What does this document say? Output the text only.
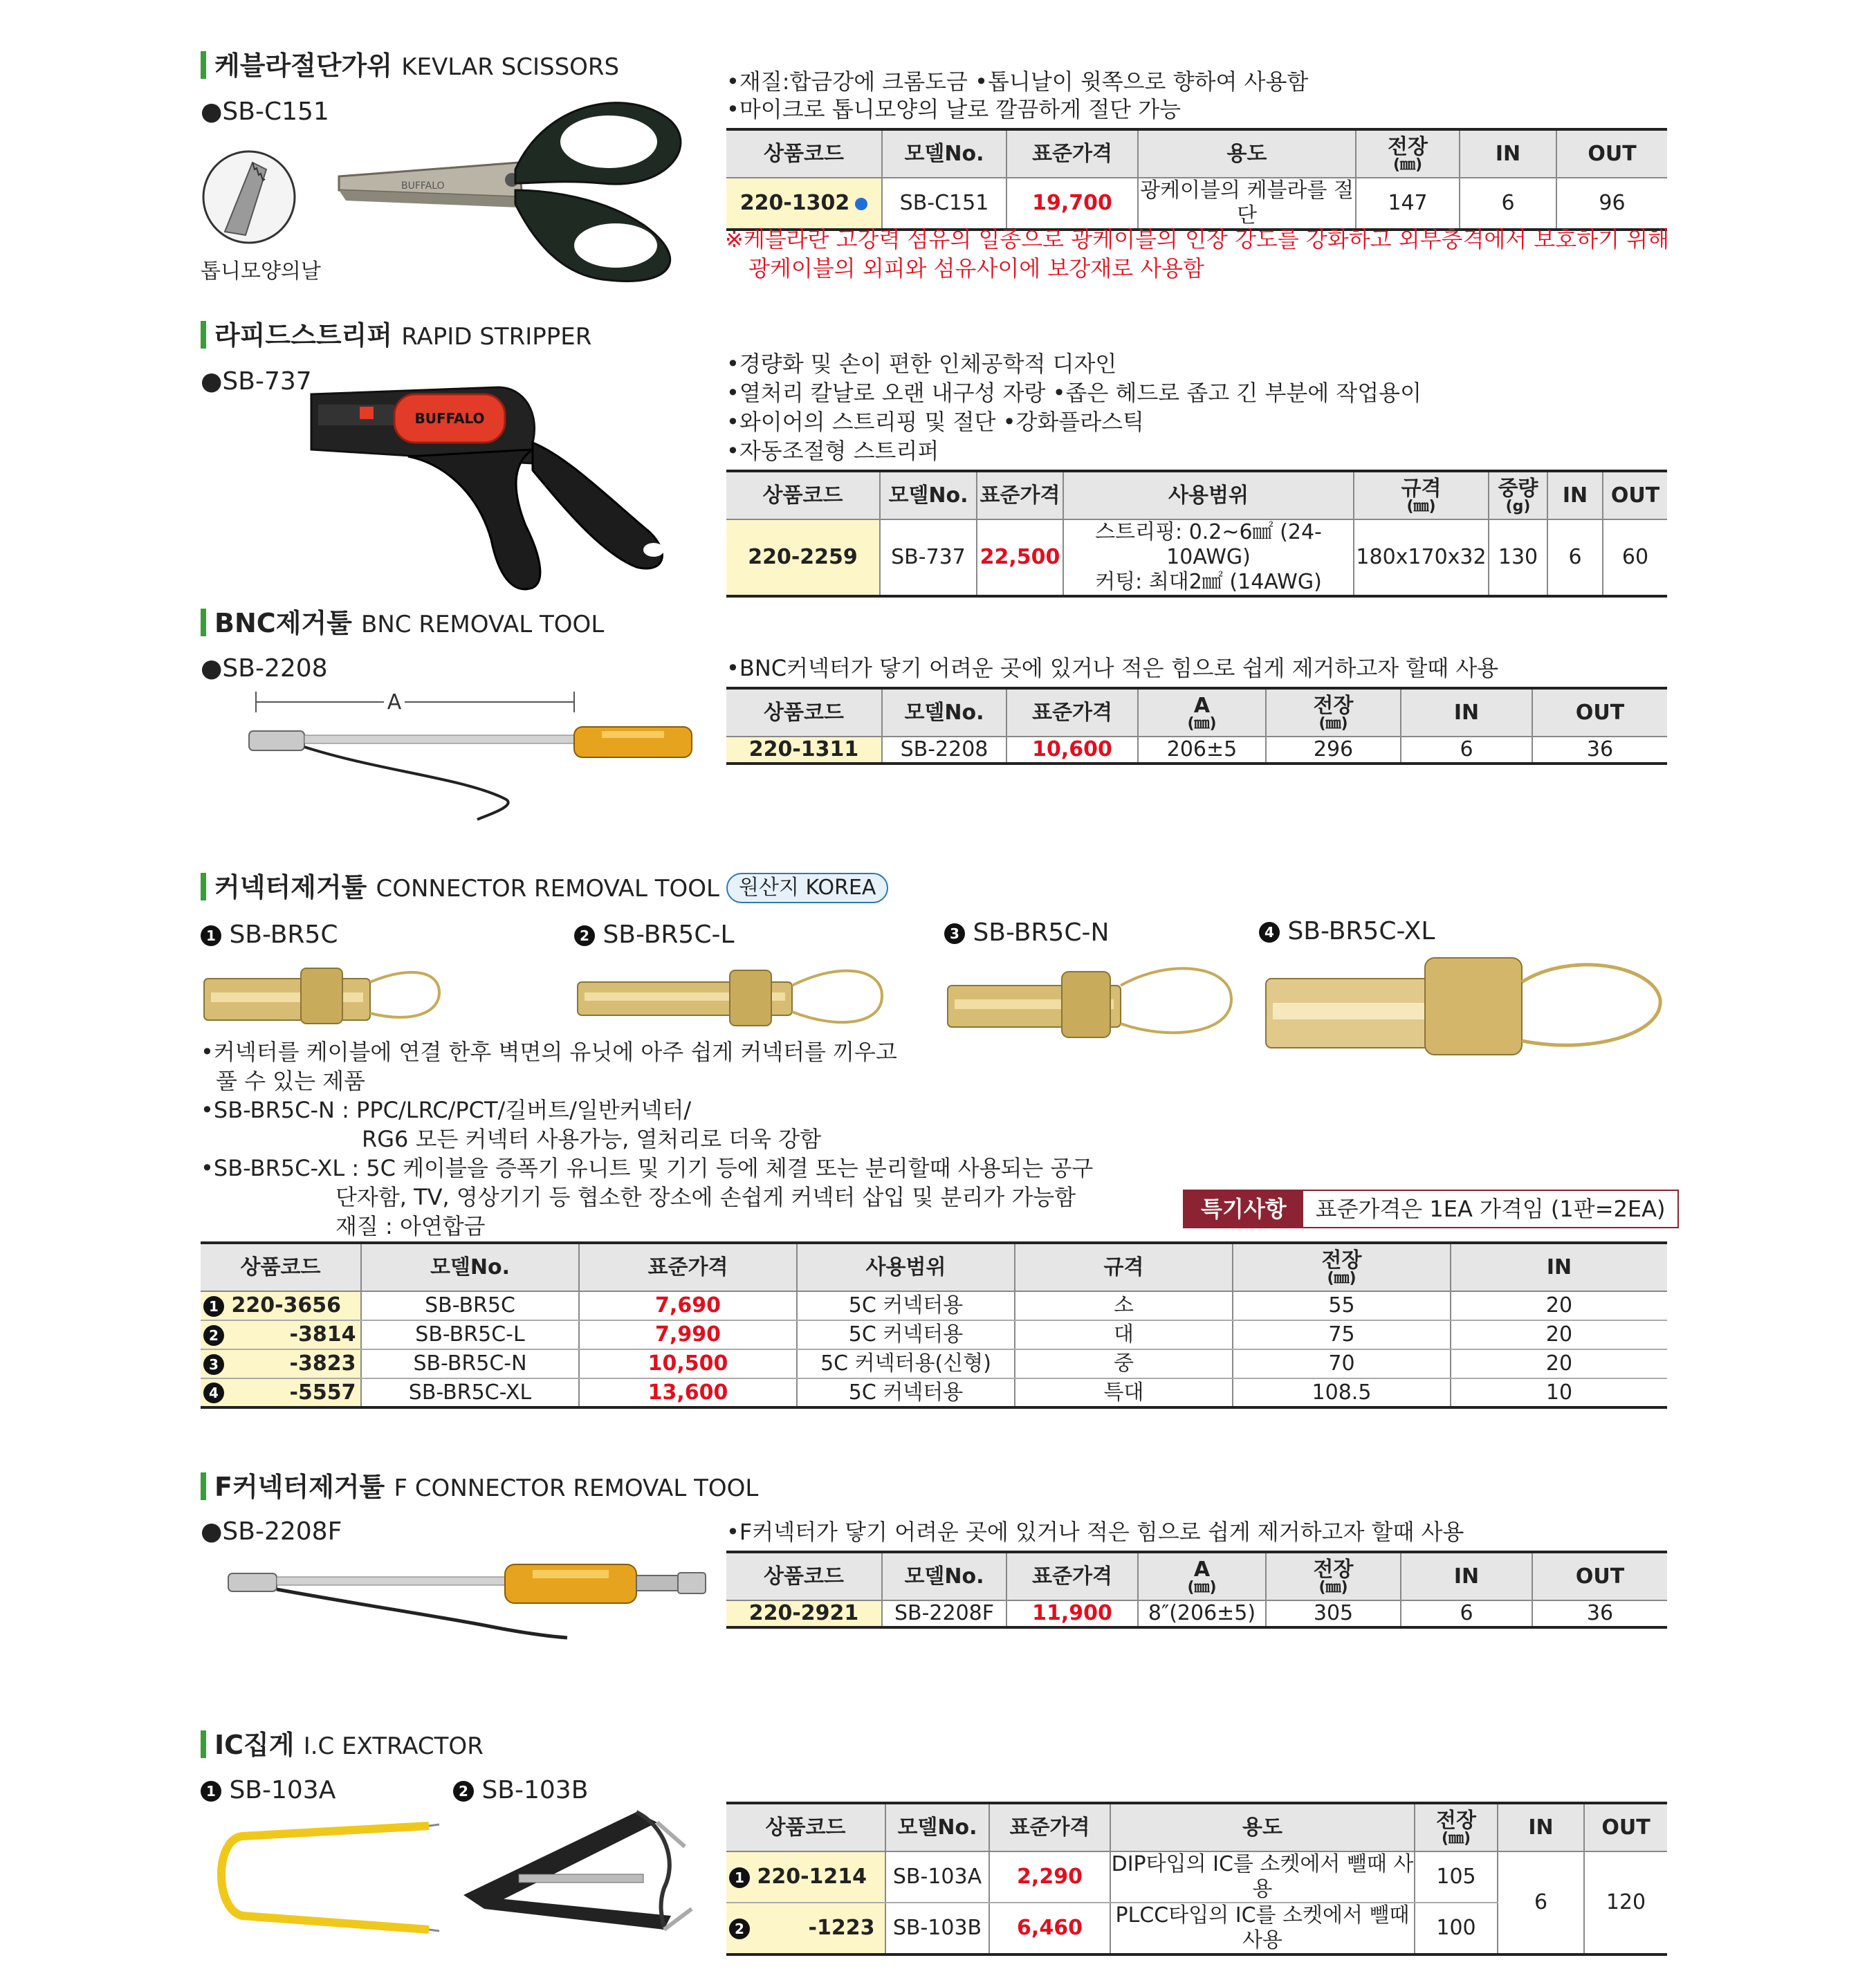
케블라절단가위 KEVLAR SCISSORS
●SB-C151
톱니모양의날
BUFFALO
•재질:합금강에 크롬도금 •톱니날이 윗쪽으로 향하여 사용함
•마이크로 톱니모양의 날로 깔끔하게 절단 가능
상품코드	모델No.	표준가격	용도	전장
(㎜)	IN	OUT
220-1302	SB-C151	19,700	광케이블의 케블라를 절단	147	6	96
※케블라란 고강력 섬유의 일종으로 광케이블의 인장 강도를 강화하고 외부충격에서 보호하기 위해
광케이블의 외피와 섬유사이에 보강재로 사용함
라피드스트리퍼 RAPID STRIPPER
●SB-737
BUFFALO
•경량화 및 손이 편한 인체공학적 디자인
•열처리 칼날로 오랜 내구성 자랑 •좁은 헤드로 좁고 긴 부분에 작업용이
•와이어의 스트리핑 및 절단 •강화플라스틱
•자동조절형 스트리퍼
상품코드	모델No.	표준가격	사용범위	규격
(㎜)	중량
(g)	IN	OUT
220-2259	SB-737	22,500	스트리핑: 0.2~6㎟ (24-10AWG)
커팅: 최대2㎟ (14AWG)	180x170x32	130	6	60
BNC제거툴 BNC REMOVAL TOOL
●SB-2208
A
•BNC커넥터가 닿기 어려운 곳에 있거나 적은 힘으로 쉽게 제거하고자 할때 사용
상품코드	모델No.	표준가격	A
(㎜)	전장
(㎜)	IN	OUT
220-1311	SB-2208	10,600	206±5	296	6	36
커넥터제거툴 CONNECTOR REMOVAL TOOL 원산지 KOREA
1 SB-BR5C	2 SB-BR5C-L	3 SB-BR5C-N	4 SB-BR5C-XL
•커넥터를 케이블에 연결 한후 벽면의 유닛에 아주 쉽게 커넥터를 끼우고
풀 수 있는 제품
•SB-BR5C-N : PPC/LRC/PCT/길버트/일반커넥터/
RG6 모든 커넥터 사용가능, 열처리로 더욱 강함
•SB-BR5C-XL : 5C 케이블을 증폭기 유니트 및 기기 등에 체결 또는 분리할때 사용되는 공구
단자함, TV, 영상기기 등 협소한 장소에 손쉽게 커넥터 삽입 및 분리가 가능함
재질 : 아연합금
특기사항	표준가격은 1EA 가격임 (1판=2EA)
상품코드	모델No.	표준가격	사용범위	규격	전장
(㎜)	IN
1 220-3656	SB-BR5C	7,690	5C 커넥터용	소	55	20
2 -3814	SB-BR5C-L	7,990	5C 커넥터용	대	75	20
3 -3823	SB-BR5C-N	10,500	5C 커넥터용(신형)	중	70	20
4 -5557	SB-BR5C-XL	13,600	5C 커넥터용	특대	108.5	10
F커넥터제거툴 F CONNECTOR REMOVAL TOOL
●SB-2208F	•F커넥터가 닿기 어려운 곳에 있거나 적은 힘으로 쉽게 제거하고자 할때 사용
상품코드	모델No.	표준가격	A
(㎜)	전장
(㎜)	IN	OUT
220-2921	SB-2208F	11,900	8″(206±5)	305	6	36
IC집게 I.C EXTRACTOR
1 SB-103A	2 SB-103B
상품코드	모델No.	표준가격	용도	전장
(㎜)	IN	OUT
1 220-1214	SB-103A	2,290	DIP타입의 IC를 소켓에서 뺄때 사용	105	6	120
2 -1223	SB-103B	6,460	PLCC타입의 IC를 소켓에서 뺄때 사용	100		
